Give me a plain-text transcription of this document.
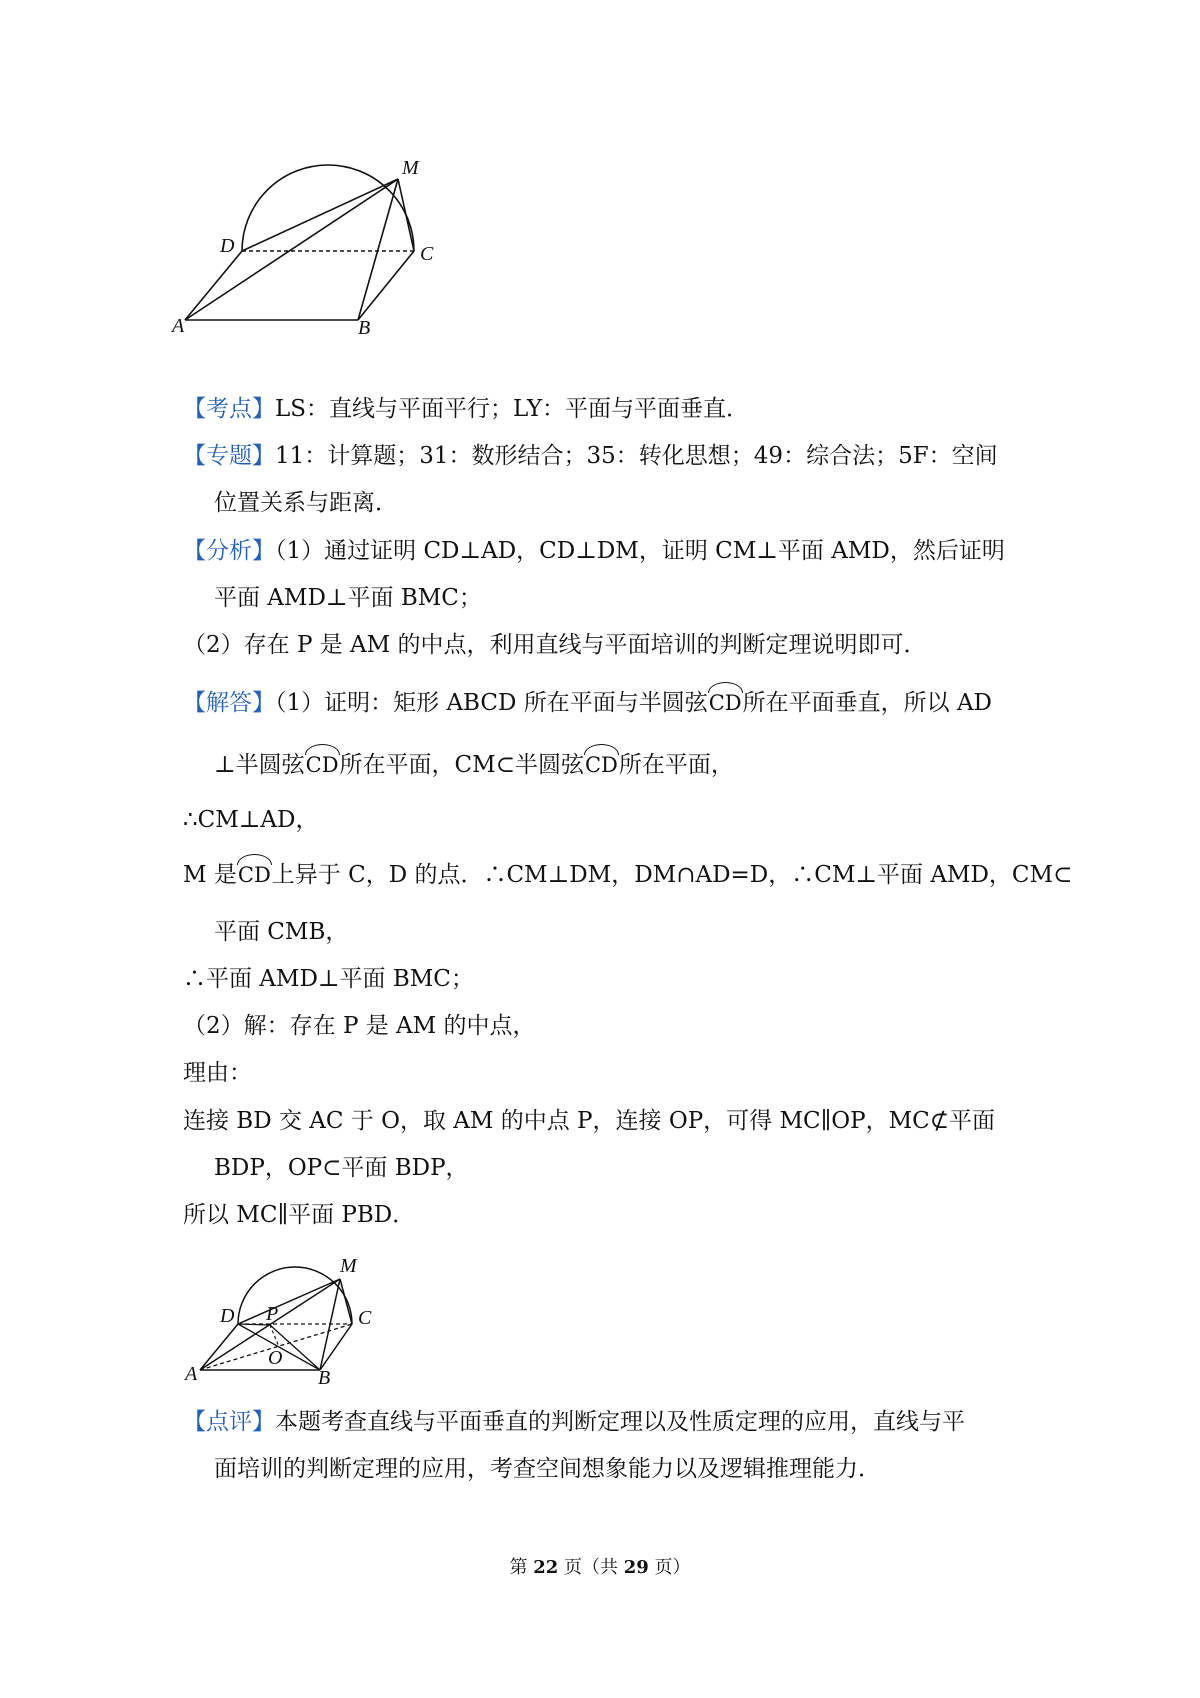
A	B
C
D
M
【考点】LS：直线与平面平行；LY：平面与平面垂直．
【专题】11：计算题；31：数形结合；35：转化思想；49：综合法；5F：空间
位置关系与距离．
【分析】（1）通过证明 CD⊥AD，CD⊥DM，证明 CM⊥平面 AMD，然后证明
平面 AMD⊥平面 BMC；
（2）存在 P 是 AM 的中点，利用直线与平面培训的判断定理说明即可．
【解答】（1）证明：矩形 ABCD 所在平面与半圆弦CD所在平面垂直，所以 AD
⊥半圆弦CD所在平面，CM⊂半圆弦CD所在平面，
∴CM⊥AD，
M 是CD上异于 C，D 的点．∴CM⊥DM，DM∩AD=D，∴CM⊥平面 AMD，CM⊂
平面 CMB，
∴平面 AMD⊥平面 BMC；
（2）解：存在 P 是 AM 的中点，
理由：
连接 BD 交 AC 于 O，取 AM 的中点 P，连接 OP，可得 MC∥OP，MC⊄平面
BDP，OP⊂平面 BDP，
所以 MC∥平面 PBD．
A	B
C
D
M
P
O
【点评】本题考查直线与平面垂直的判断定理以及性质定理的应用，直线与平
面培训的判断定理的应用，考查空间想象能力以及逻辑推理能力．
第 22 页（共 29 页）
